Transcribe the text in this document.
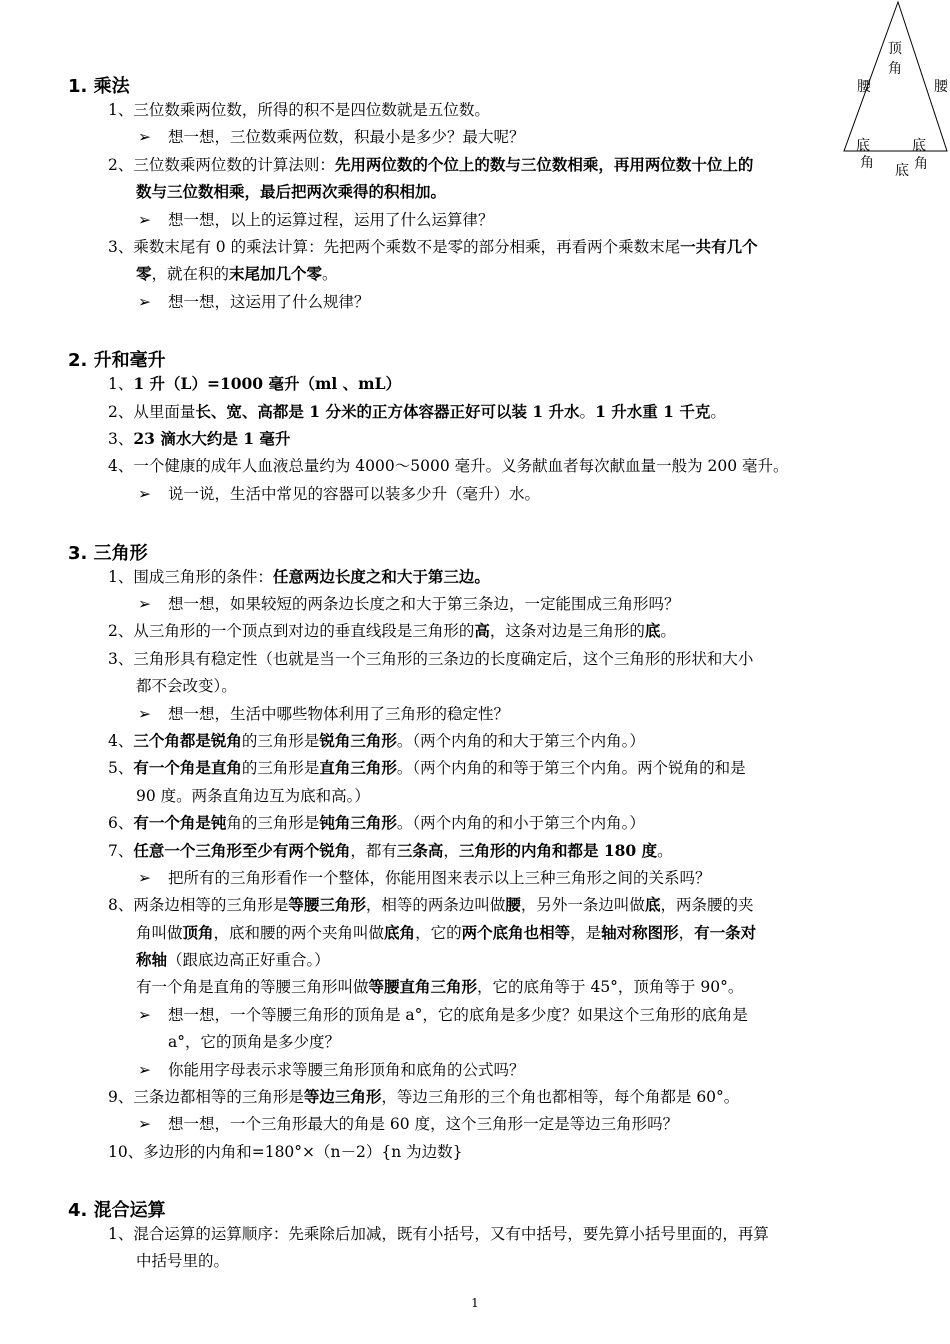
顶
角
腰	腰
底
角
底
角
底
1. 乘法
1、三位数乘两位数，所得的积不是四位数就是五位数。
➢ 想一想，三位数乘两位数，积最小是多少？最大呢？
2、三位数乘两位数的计算法则：先用两位数的个位上的数与三位数相乘，再用两位数十位上的
数与三位数相乘，最后把两次乘得的积相加。
➢ 想一想，以上的运算过程，运用了什么运算律？
3、乘数末尾有 0 的乘法计算：先把两个乘数不是零的部分相乘，再看两个乘数末尾一共有几个
零，就在积的末尾加几个零。
➢ 想一想，这运用了什么规律？
2. 升和毫升
1、1 升（L）=1000 毫升（ml 、mL）
2、从里面量长、宽、高都是 1 分米的正方体容器正好可以装 1 升水。1 升水重 1 千克。
3、23 滴水大约是 1 毫升
4、一个健康的成年人血液总量约为 4000～5000 毫升。义务献血者每次献血量一般为 200 毫升。
➢ 说一说，生活中常见的容器可以装多少升（毫升）水。
3. 三角形
1、围成三角形的条件：任意两边长度之和大于第三边。
➢ 想一想，如果较短的两条边长度之和大于第三条边，一定能围成三角形吗？
2、从三角形的一个顶点到对边的垂直线段是三角形的高，这条对边是三角形的底。
3、三角形具有稳定性（也就是当一个三角形的三条边的长度确定后，这个三角形的形状和大小
都不会改变）。
➢ 想一想，生活中哪些物体利用了三角形的稳定性？
4、三个角都是锐角的三角形是锐角三角形。（两个内角的和大于第三个内角。）
5、有一个角是直角的三角形是直角三角形。（两个内角的和等于第三个内角。两个锐角的和是
90 度。两条直角边互为底和高。）
6、有一个角是钝角的三角形是钝角三角形。（两个内角的和小于第三个内角。）
7、任意一个三角形至少有两个锐角，都有三条高，三角形的内角和都是 180 度。
➢ 把所有的三角形看作一个整体，你能用图来表示以上三种三角形之间的关系吗？
8、两条边相等的三角形是等腰三角形，相等的两条边叫做腰，另外一条边叫做底，两条腰的夹
角叫做顶角，底和腰的两个夹角叫做底角，它的两个底角也相等，是轴对称图形，有一条对
称轴（跟底边高正好重合。）
有一个角是直角的等腰三角形叫做等腰直角三角形，它的底角等于 45°，顶角等于 90°。
➢ 想一想，一个等腰三角形的顶角是 a°，它的底角是多少度？如果这个三角形的底角是
a°，它的顶角是多少度？
➢ 你能用字母表示求等腰三角形顶角和底角的公式吗？
9、三条边都相等的三角形是等边三角形，等边三角形的三个角也都相等，每个角都是 60°。
➢ 想一想，一个三角形最大的角是 60 度，这个三角形一定是等边三角形吗？
10、多边形的内角和=180°×（n－2）{n 为边数}
4. 混合运算
1、混合运算的运算顺序：先乘除后加减，既有小括号，又有中括号，要先算小括号里面的，再算
中括号里的。
1
